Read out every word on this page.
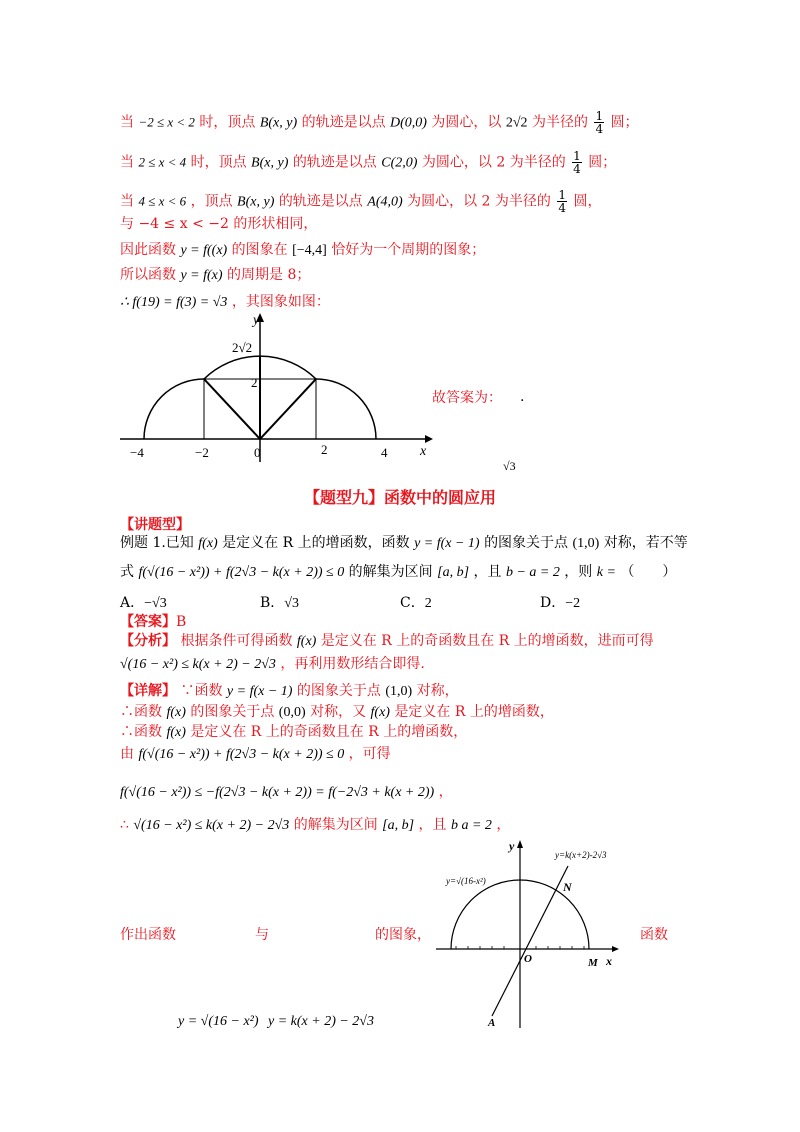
当 −2 ≤ x < 2 时，顶点 B(x, y) 的轨迹是以点 D(0,0) 为圆心，以 2√2 为半径的 $\frac{1}{4}$ 圆；
当 2 ≤ x < 4 时，顶点 B(x, y) 的轨迹是以点 C(2,0) 为圆心，以 2 为半径的 $\frac{1}{4}$ 圆；
当 4 ≤ x < 6 ，顶点 B(x, y) 的轨迹是以点 A(4,0) 为圆心，以 2 为半径的 $\frac{1}{4}$ 圆，
与 −4 ≤ x < −2 的形状相同，
因此函数 y = f((x) 的图象在 [−4,4] 恰好为一个周期的图象；
所以函数 y = f(x) 的周期是 8；
∴ f(19) = f(3) = √3 ，其图象如图：
y
x
2√2
2
−4	−2	0	2	4
故答案为： .
√3
【题型九】函数中的圆应用
【讲题型】
例题 1.已知 f(x) 是定义在 R 上的增函数，函数 y = f(x − 1) 的图象关于点 (1,0) 对称，若不等
式 f(√(16 − x²)) + f(2√3 − k(x + 2)) ≤ 0 的解集为区间 [a, b] ，且 b − a = 2 ，则 k = （　　）
A．−√3	B．√3	C．2	D．−2
【答案】B
【分析】 根据条件可得函数 f(x) 是定义在 R 上的奇函数且在 R 上的增函数，进而可得
√(16 − x²) ≤ k(x + 2) − 2√3 ，再利用数形结合即得.
【详解】 ∵函数 y = f(x − 1) 的图象关于点 (1,0) 对称，
∴函数 f(x) 的图象关于点 (0,0) 对称，又 f(x) 是定义在 R 上的增函数，
∴函数 f(x) 是定义在 R 上的奇函数且在 R 上的增函数，
由 f(√(16 − x²)) + f(2√3 − k(x + 2)) ≤ 0 ，可得
f(√(16 − x²)) ≤ −f(2√3 − k(x + 2)) = f(−2√3 + k(x + 2)) ，
∴ √(16 − x²) ≤ k(x + 2) − 2√3 的解集为区间 [a, b] ，且 b a = 2 ，
作出函数	与	的图象，	函数
y = √(16 − x²) y = k(x + 2) − 2√3
y
x
y=√(16-x²)
y=k(x+2)-2√3
N
O	M
A
